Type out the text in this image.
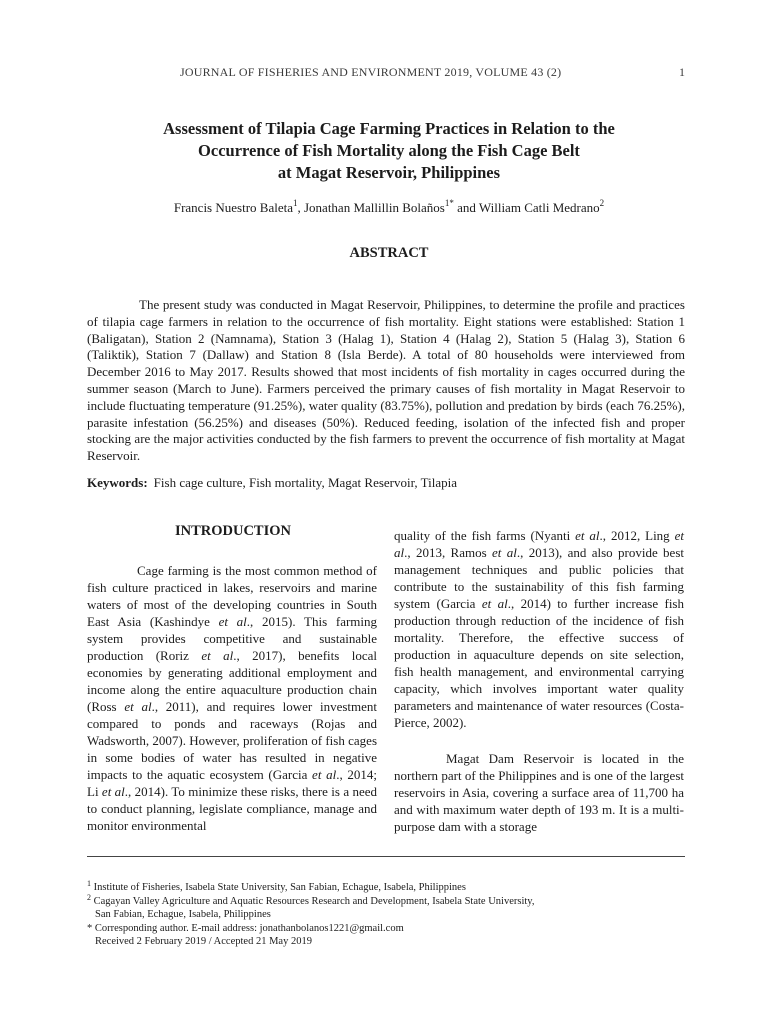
JOURNAL OF FISHERIES AND ENVIRONMENT 2019, VOLUME 43 (2)	1
Assessment of Tilapia Cage Farming Practices in Relation to the
Occurrence of Fish Mortality along the Fish Cage Belt
at Magat Reservoir, Philippines
Francis Nuestro Baleta$^1$, Jonathan Mallillin Bolaños$^{1*}$ and William Catli Medrano$^2$
ABSTRACT

The present study was conducted in Magat Reservoir, Philippines, to determine the profile and practices of tilapia cage farmers in relation to the occurrence of fish mortality. Eight stations were established: Station 1 (Baligatan), Station 2 (Namnama), Station 3 (Halag 1), Station 4 (Halag 2), Station 5 (Halag 3), Station 6 (Taliktik), Station 7 (Dallaw) and Station 8 (Isla Berde). A total of 80 households were interviewed from December 2016 to May 2017. Results showed that most incidents of fish mortality in cages occurred during the summer season (March to June). Farmers perceived the primary causes of fish mortality in Magat Reservoir to include fluctuating temperature (91.25%), water quality (83.75%), pollution and predation by birds (each 76.25%), parasite infestation (56.25%) and diseases (50%). Reduced feeding, isolation of the infected fish and proper stocking are the major activities conducted by the fish farmers to prevent the occurrence of fish mortality at Magat Reservoir.

Keywords: Fish cage culture, Fish mortality, Magat Reservoir, Tilapia
INTRODUCTION

Cage farming is the most common method of fish culture practiced in lakes, reservoirs and marine waters of most of the developing countries in South East Asia (Kashindye et al., 2015). This farming system provides competitive and sustainable production (Roriz et al., 2017), benefits local economies by generating additional employment and income along the entire aquaculture production chain (Ross et al., 2011), and requires lower investment compared to ponds and raceways (Rojas and Wadsworth, 2007). However, proliferation of fish cages in some bodies of water has resulted in negative impacts to the aquatic ecosystem (Garcia et al., 2014; Li et al., 2014). To minimize these risks, there is a need to conduct planning, legislate compliance, manage and monitor environmental

quality of the fish farms (Nyanti et al., 2012, Ling et al., 2013, Ramos et al., 2013), and also provide best management techniques and public policies that contribute to the sustainability of this fish farming system (Garcia et al., 2014) to further increase fish production through reduction of the incidence of fish mortality. Therefore, the effective success of production in aquaculture depends on site selection, fish health management, and environmental carrying capacity, which involves important water quality parameters and maintenance of water resources (Costa-Pierce, 2002).

Magat Dam Reservoir is located in the northern part of the Philippines and is one of the largest reservoirs in Asia, covering a surface area of 11,700 ha and with maximum water depth of 193 m. It is a multi-purpose dam with a storage

$^1$ Institute of Fisheries, Isabela State University, San Fabian, Echague, Isabela, Philippines
$^2$ Cagayan Valley Agriculture and Aquatic Resources Research and Development, Isabela State University,
San Fabian, Echague, Isabela, Philippines
* Corresponding author. E-mail address: jonathanbolanos1221@gmail.com
Received 2 February 2019 / Accepted 21 May 2019
